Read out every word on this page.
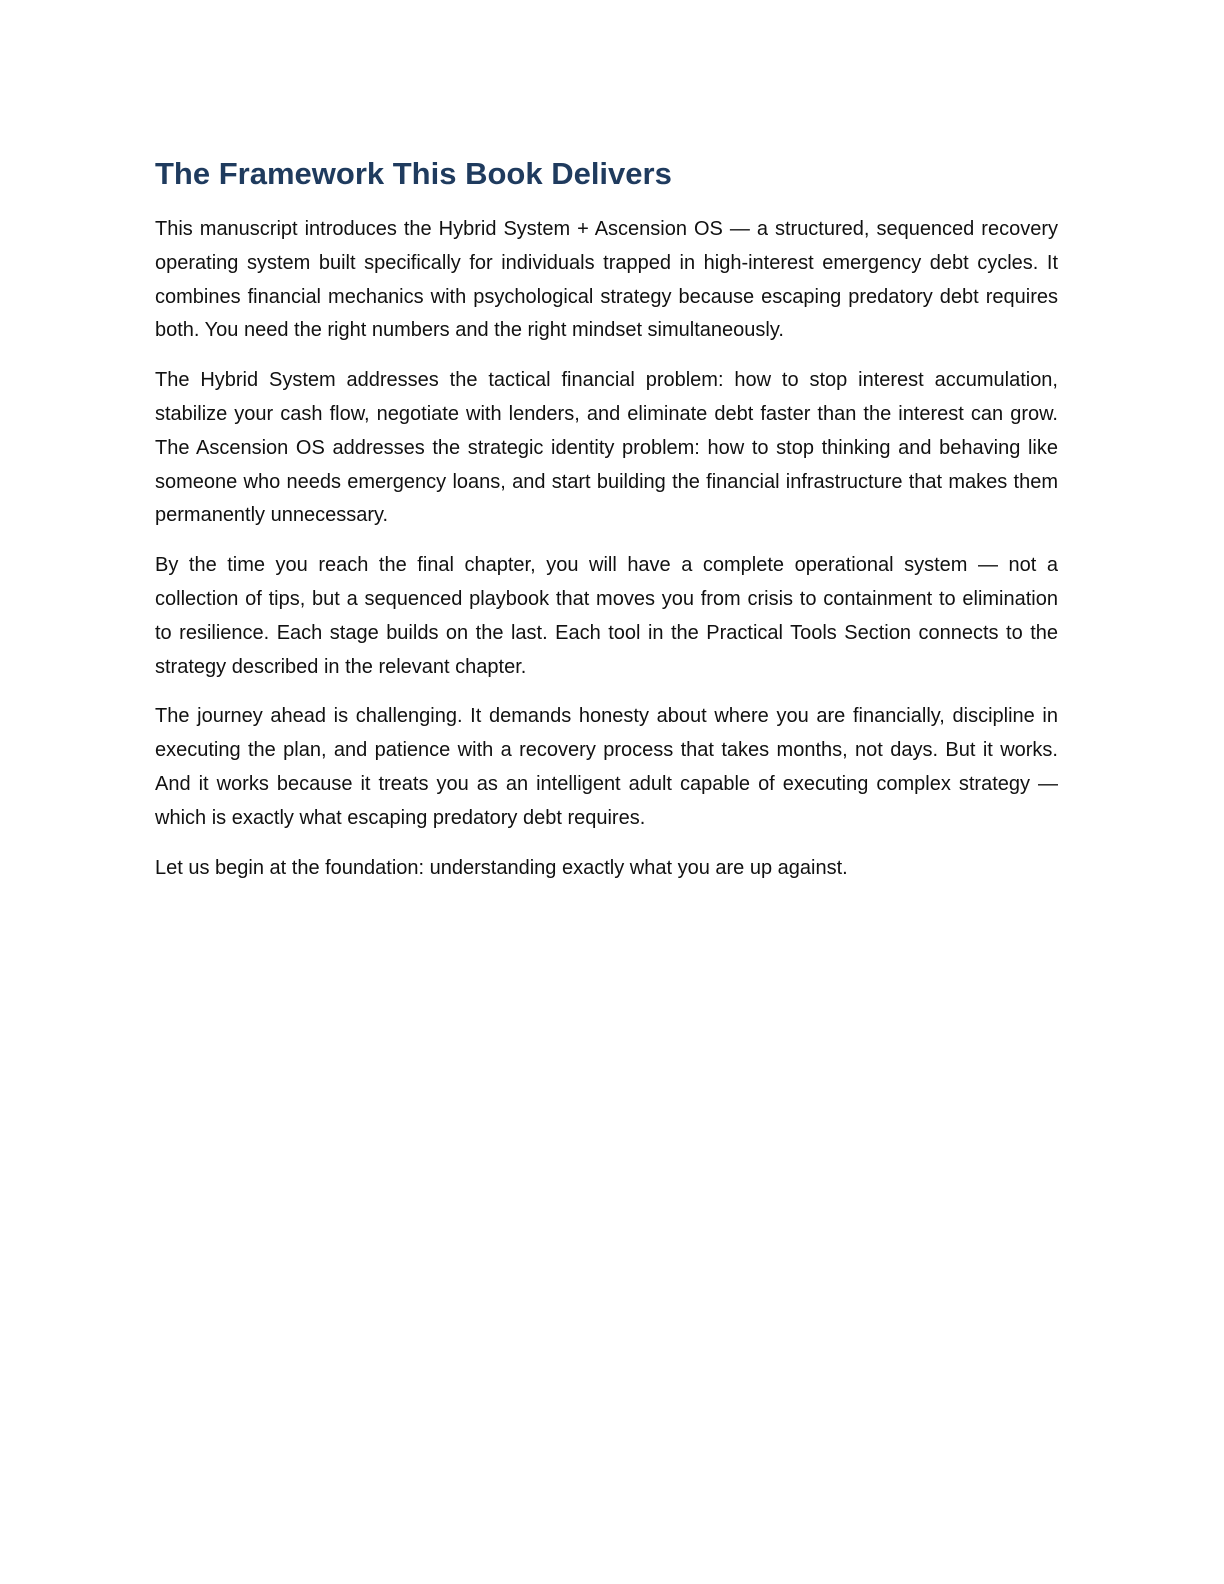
The Framework This Book Delivers

This manuscript introduces the Hybrid System + Ascension OS — a structured, sequenced recovery operating system built specifically for individuals trapped in high-interest emergency debt cycles. It combines financial mechanics with psychological strategy because escaping predatory debt requires both. You need the right numbers and the right mindset simultaneously.

The Hybrid System addresses the tactical financial problem: how to stop interest accumulation, stabilize your cash flow, negotiate with lenders, and eliminate debt faster than the interest can grow. The Ascension OS addresses the strategic identity problem: how to stop thinking and behaving like someone who needs emergency loans, and start building the financial infrastructure that makes them permanently unnecessary.

By the time you reach the final chapter, you will have a complete operational system — not a collection of tips, but a sequenced playbook that moves you from crisis to containment to elimination to resilience. Each stage builds on the last. Each tool in the Practical Tools Section connects to the strategy described in the relevant chapter.

The journey ahead is challenging. It demands honesty about where you are financially, discipline in executing the plan, and patience with a recovery process that takes months, not days. But it works. And it works because it treats you as an intelligent adult capable of executing complex strategy — which is exactly what escaping predatory debt requires.

Let us begin at the foundation: understanding exactly what you are up against.
